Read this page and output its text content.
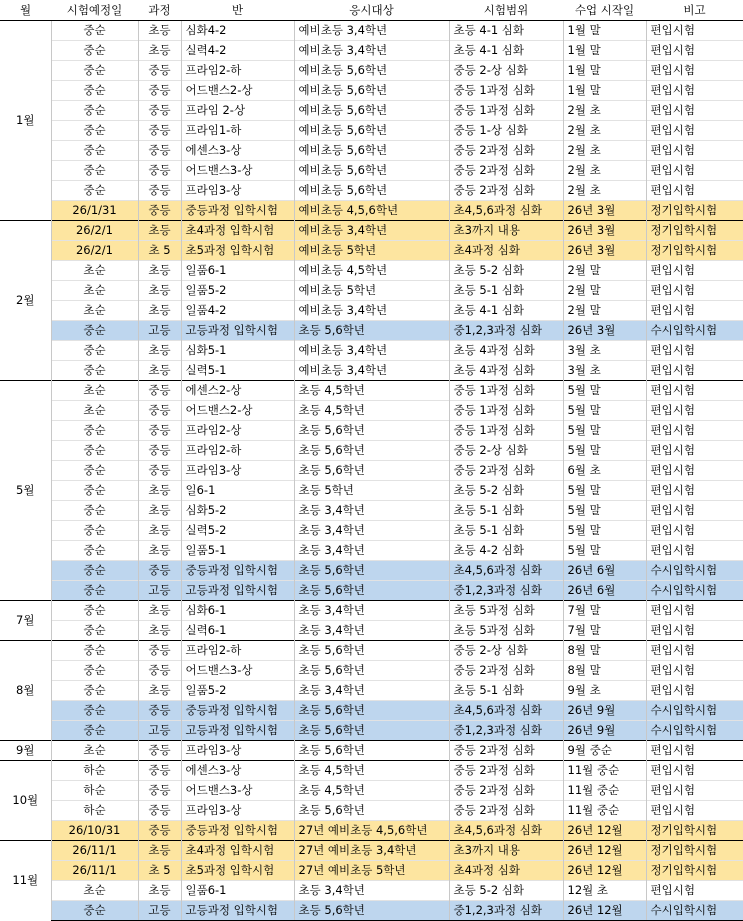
월	시험예정일	과정	반	응시대상	시험범위	수업 시작일	비고
1월	중순	초등	심화4-2	예비초등 3,4학년	초등 4-1 심화	1월 말	편입시험
	중순	초등	실력4-2	예비초등 3,4학년	초등 4-1 심화	1월 말	편입시험
	중순	중등	프라임2-하	예비초등 5,6학년	중등 2-상 심화	1월 말	편입시험
	중순	중등	어드밴스2-상	예비초등 5,6학년	중등 1과정 심화	1월 말	편입시험
	중순	중등	프라임 2-상	예비초등 5,6학년	중등 1과정 심화	2월 초	편입시험
	중순	중등	프라임1-하	예비초등 5,6학년	중등 1-상 심화	2월 초	편입시험
	중순	중등	에센스3-상	예비초등 5,6학년	중등 2과정 심화	2월 초	편입시험
	중순	중등	어드밴스3-상	예비초등 5,6학년	중등 2과정 심화	2월 초	편입시험
	중순	중등	프라임3-상	예비초등 5,6학년	중등 2과정 심화	2월 초	편입시험
	26/1/31	중등	중등과정 입학시험	예비초등 4,5,6학년	초4,5,6과정 심화	26년 3월	정기입학시험
2월	26/2/1	초등	초4과정 입학시험	예비초등 3,4학년	초3까지 내용	26년 3월	정기입학시험
	26/2/1	초 5	초5과정 입학시험	예비초등 5학년	초4과정 심화	26년 3월	정기입학시험
	초순	초등	일품6-1	예비초등 4,5학년	초등 5-2 심화	2월 말	편입시험
	초순	초등	일품5-2	예비초등 5학년	초등 5-1 심화	2월 말	편입시험
	초순	초등	일품4-2	예비초등 3,4학년	초등 4-1 심화	2월 말	편입시험
	중순	고등	고등과정 입학시험	초등 5,6학년	중1,2,3과정 심화	26년 3월	수시입학시험
	중순	초등	심화5-1	예비초등 3,4학년	초등 4과정 심화	3월 초	편입시험
	중순	초등	실력5-1	예비초등 3,4학년	초등 4과정 심화	3월 초	편입시험
5월	초순	중등	에센스2-상	초등 4,5학년	중등 1과정 심화	5월 말	편입시험
	초순	중등	어드밴스2-상	초등 4,5학년	중등 1과정 심화	5월 말	편입시험
	중순	중등	프라임2-상	초등 5,6학년	중등 1과정 심화	5월 말	편입시험
	중순	중등	프라임2-하	초등 5,6학년	중등 2-상 심화	5월 말	편입시험
	중순	중등	프라임3-상	초등 5,6학년	중등 2과정 심화	6월 초	편입시험
	중순	초등	일6-1	초등 5학년	초등 5-2 심화	5월 말	편입시험
	중순	초등	심화5-2	초등 3,4학년	초등 5-1 심화	5월 말	편입시험
	중순	초등	실력5-2	초등 3,4학년	초등 5-1 심화	5월 말	편입시험
	중순	초등	일품5-1	초등 3,4학년	초등 4-2 심화	5월 말	편입시험
	중순	중등	중등과정 입학시험	초등 5,6학년	초4,5,6과정 심화	26년 6월	수시입학시험
	중순	고등	고등과정 입학시험	초등 5,6학년	중1,2,3과정 심화	26년 6월	수시입학시험
7월	중순	초등	심화6-1	초등 3,4학년	초등 5과정 심화	7월 말	편입시험
	중순	초등	실력6-1	초등 3,4학년	초등 5과정 심화	7월 말	편입시험
8월	중순	중등	프라임2-하	초등 5,6학년	중등 2-상 심화	8월 말	편입시험
	중순	중등	어드밴스3-상	초등 5,6학년	중등 2과정 심화	8월 말	편입시험
	중순	초등	일품5-2	초등 3,4학년	초등 5-1 심화	9월 초	편입시험
	중순	중등	중등과정 입학시험	초등 5,6학년	초4,5,6과정 심화	26년 9월	수시입학시험
	중순	고등	고등과정 입학시험	초등 5,6학년	중1,2,3과정 심화	26년 9월	수시입학시험
9월	초순	중등	프라임3-상	초등 5,6학년	중등 2과정 심화	9월 중순	편입시험
10월	하순	중등	에센스3-상	초등 4,5학년	중등 2과정 심화	11월 중순	편입시험
	하순	중등	어드밴스3-상	초등 4,5학년	중등 2과정 심화	11월 중순	편입시험
	하순	중등	프라임3-상	초등 5,6학년	중등 2과정 심화	11월 중순	편입시험
	26/10/31	중등	중등과정 입학시험	27년 예비초등 4,5,6학년	초4,5,6과정 심화	26년 12월	정기입학시험
11월	26/11/1	초등	초4과정 입학시험	27년 예비초등 3,4학년	초3까지 내용	26년 12월	정기입학시험
	26/11/1	초 5	초5과정 입학시험	27년 예비초등 5학년	초4과정 심화	26년 12월	정기입학시험
	초순	초등	일품6-1	초등 3,4학년	초등 5-2 심화	12월 초	편입시험
	중순	고등	고등과정 입학시험	초등 5,6학년	중1,2,3과정 심화	26년 12월	수시입학시험
